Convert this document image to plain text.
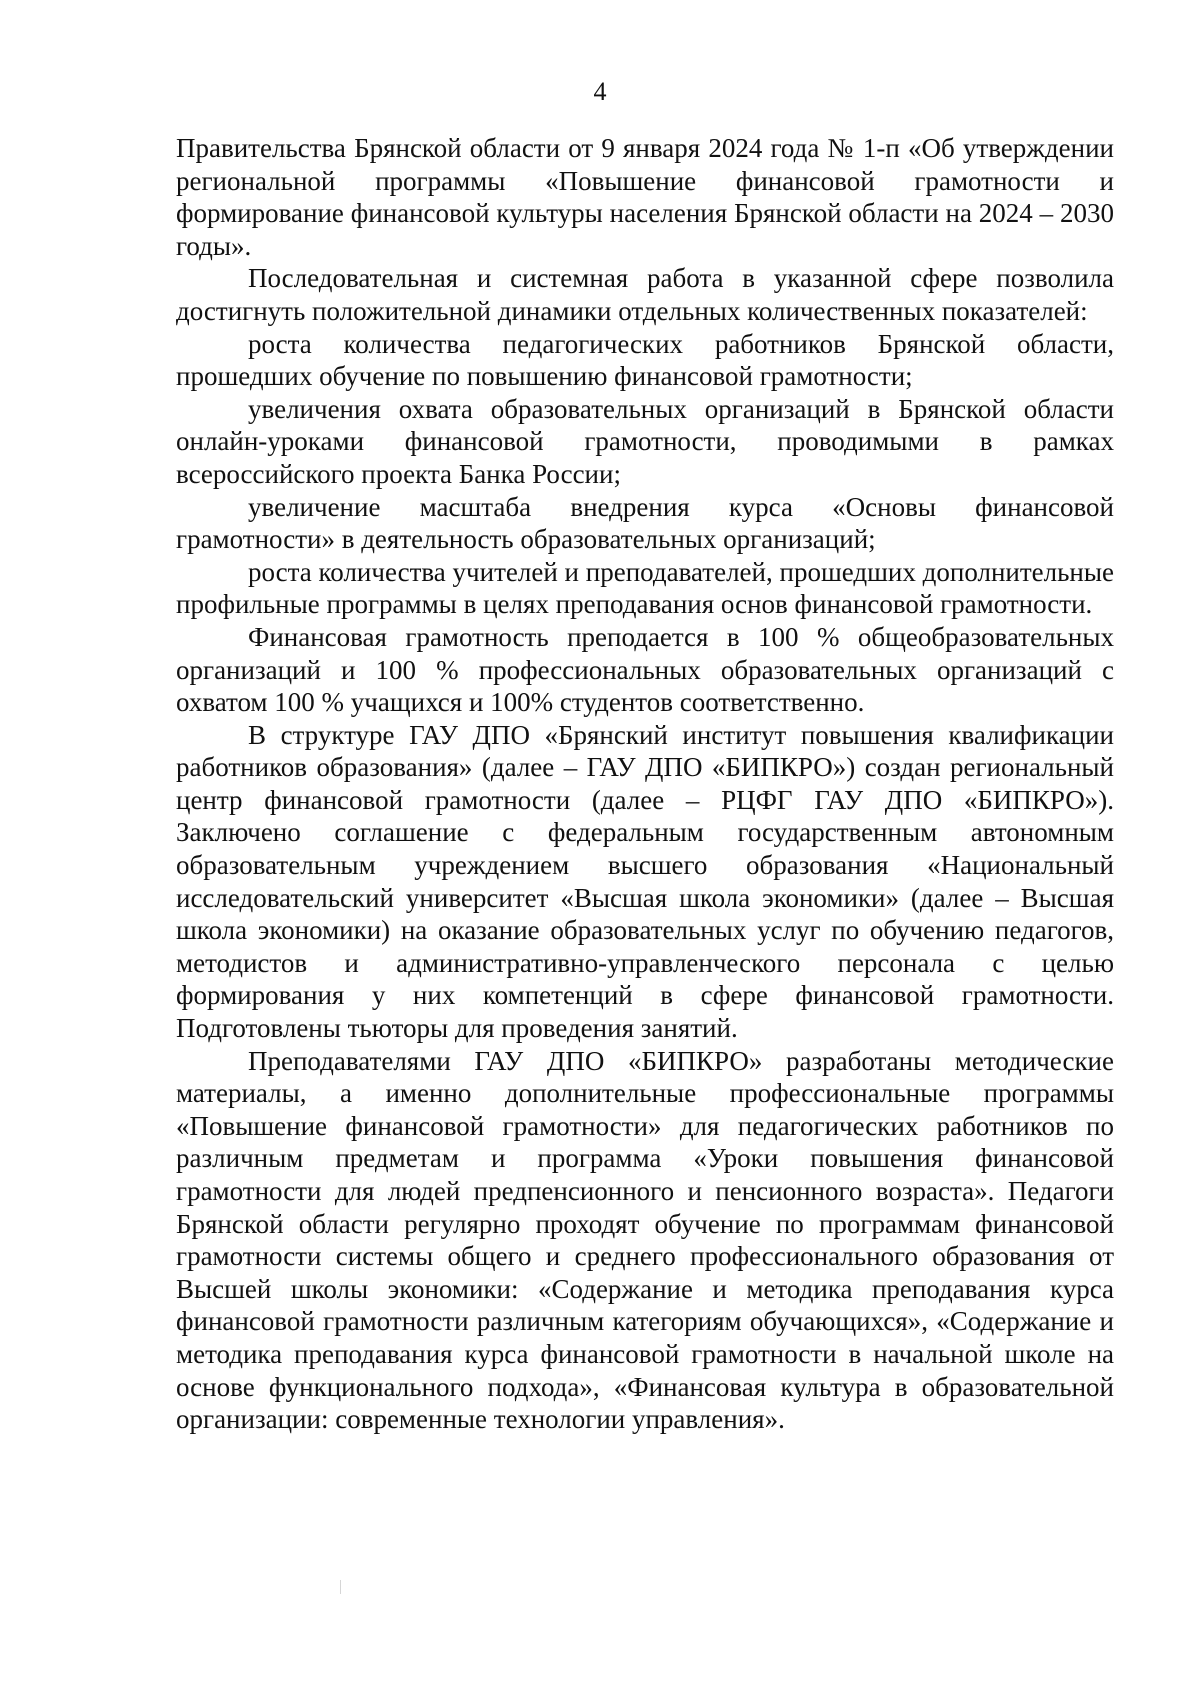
4

Правительства Брянской области от 9 января 2024 года № 1-п «Об утверждении региональной программы «Повышение финансовой грамотности и формирование финансовой культуры населения Брянской области на 2024 – 2030 годы».

Последовательная и системная работа в указанной сфере позволила достигнуть положительной динамики отдельных количественных показателей:

роста количества педагогических работников Брянской области, прошедших обучение по повышению финансовой грамотности;

увеличения охвата образовательных организаций в Брянской области онлайн-уроками финансовой грамотности, проводимыми в рамках всероссийского проекта Банка России;

увеличение масштаба внедрения курса «Основы финансовой грамотности» в деятельность образовательных организаций;

роста количества учителей и преподавателей, прошедших дополнительные профильные программы в целях преподавания основ финансовой грамотности.

Финансовая грамотность преподается в 100 % общеобразовательных организаций и 100 % профессиональных образовательных организаций с охватом 100 % учащихся и 100% студентов соответственно.

В структуре ГАУ ДПО «Брянский институт повышения квалификации работников образования» (далее – ГАУ ДПО «БИПКРО») создан региональный центр финансовой грамотности (далее – РЦФГ ГАУ ДПО «БИПКРО»). Заключено соглашение с федеральным государственным автономным образовательным учреждением высшего образования «Национальный исследовательский университет «Высшая школа экономики» (далее – Высшая школа экономики) на оказание образовательных услуг по обучению педагогов, методистов и административно-управленческого персонала с целью формирования у них компетенций в сфере финансовой грамотности. Подготовлены тьюторы для проведения занятий.

Преподавателями ГАУ ДПО «БИПКРО» разработаны методические материалы, а именно дополнительные профессиональные программы «Повышение финансовой грамотности» для педагогических работников по различным предметам и программа «Уроки повышения финансовой грамотности для людей предпенсионного и пенсионного возраста». Педагоги Брянской области регулярно проходят обучение по программам финансовой грамотности системы общего и среднего профессионального образования от Высшей школы экономики: «Содержание и методика преподавания курса финансовой грамотности различным категориям обучающихся», «Содержание и методика преподавания курса финансовой грамотности в начальной школе на основе функционального подхода», «Финансовая культура в образовательной организации: современные технологии управления».
